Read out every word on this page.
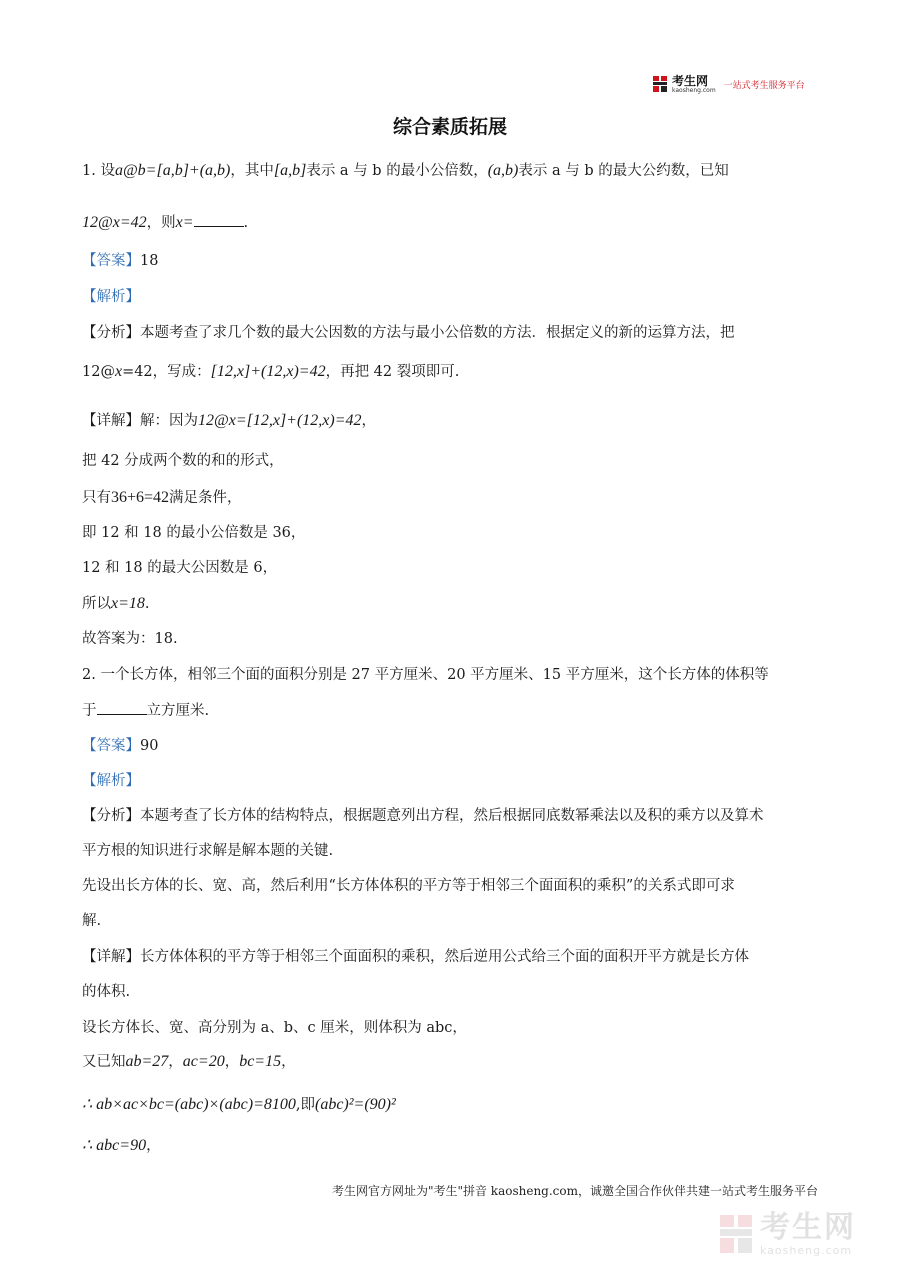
考生网
kaosheng.com 一站式考生服务平台
综合素质拓展
1. 设a@b=[a,b]+(a,b)，其中[a,b]表示 a 与 b 的最小公倍数，(a,b)表示 a 与 b 的最大公约数，已知
12@x=42，则x=	.
【答案】18
【解析】
【分析】本题考查了求几个数的最大公因数的方法与最小公倍数的方法．根据定义的新的运算方法，把
12@x=42，写成：[12,x]+(12,x)=42，再把 42 裂项即可.
【详解】解：因为12@x=[12,x]+(12,x)=42，
把 42 分成两个数的和的形式，
只有36+6=42满足条件，
即 12 和 18 的最小公倍数是 36，
12 和 18 的最大公因数是 6，
所以x=18.
故答案为：18.
2. 一个长方体，相邻三个面的面积分别是 27 平方厘米、20 平方厘米、15 平方厘米，这个长方体的体积等
于	立方厘米.
【答案】90
【解析】
【分析】本题考查了长方体的结构特点，根据题意列出方程，然后根据同底数幂乘法以及积的乘方以及算术
平方根的知识进行求解是解本题的关键.
先设出长方体的长、宽、高，然后利用“长方体体积的平方等于相邻三个面面积的乘积”的关系式即可求
解.
【详解】长方体体积的平方等于相邻三个面面积的乘积，然后逆用公式给三个面的面积开平方就是长方体
的体积.
设长方体长、宽、高分别为 a、b、c 厘米，则体积为 abc，
又已知ab=27，ac=20，bc=15，
∴ ab×ac×bc=(abc)×(abc)=8100,即(abc)²=(90)²
∴ abc=90，
考生网官方网址为"考生"拼音 kaosheng.com，诚邀全国合作伙伴共建一站式考生服务平台
考生网
kaosheng.com
